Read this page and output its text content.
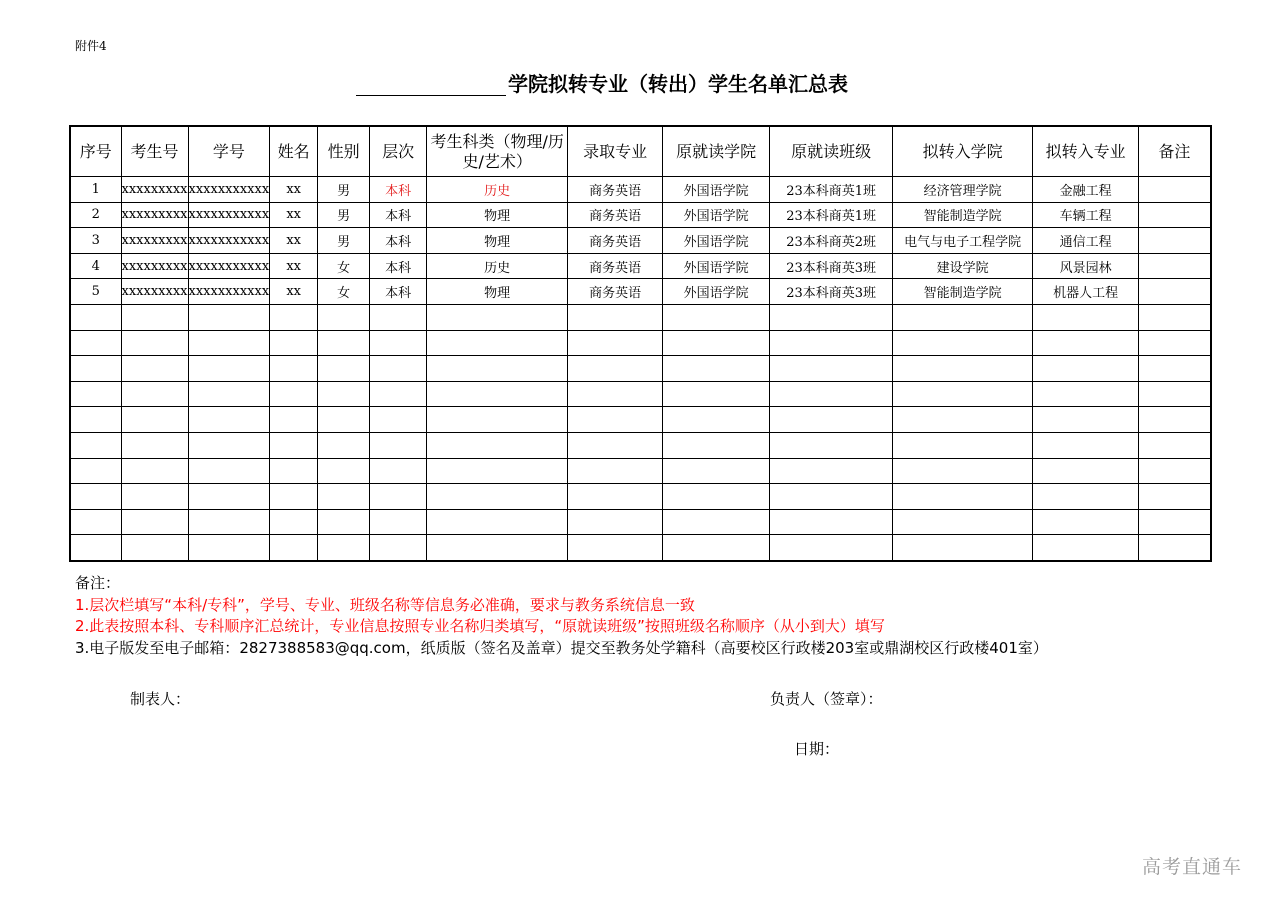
附件4
学院拟转专业（转出）学生名单汇总表
序号	考生号	学号	姓名	性别	层次	考生科类（物理/历史/艺术）	录取专业	原就读学院	原就读班级	拟转入学院	拟转入专业	备注
1	xxxxxxxxx	xxxxxxxxxxx	xx	男	本科	历史	商务英语	外国语学院	23本科商英1班	经济管理学院	金融工程	
2	xxxxxxxxx	xxxxxxxxxxx	xx	男	本科	物理	商务英语	外国语学院	23本科商英1班	智能制造学院	车辆工程	
3	xxxxxxxxx	xxxxxxxxxxx	xx	男	本科	物理	商务英语	外国语学院	23本科商英2班	电气与电子工程学院	通信工程	
4	xxxxxxxxx	xxxxxxxxxxx	xx	女	本科	历史	商务英语	外国语学院	23本科商英3班	建设学院	风景园林	
5	xxxxxxxxx	xxxxxxxxxxx	xx	女	本科	物理	商务英语	外国语学院	23本科商英3班	智能制造学院	机器人工程	

备注：
1.层次栏填写“本科/专科”，学号、专业、班级名称等信息务必准确，要求与教务系统信息一致
2.此表按照本科、专科顺序汇总统计，专业信息按照专业名称归类填写，“原就读班级”按照班级名称顺序（从小到大）填写
3.电子版发至电子邮箱：2827388583@qq.com，纸质版（签名及盖章）提交至教务处学籍科（高要校区行政楼203室或鼎湖校区行政楼401室）
制表人：	负责人（签章）：
日期：
高考直通车
